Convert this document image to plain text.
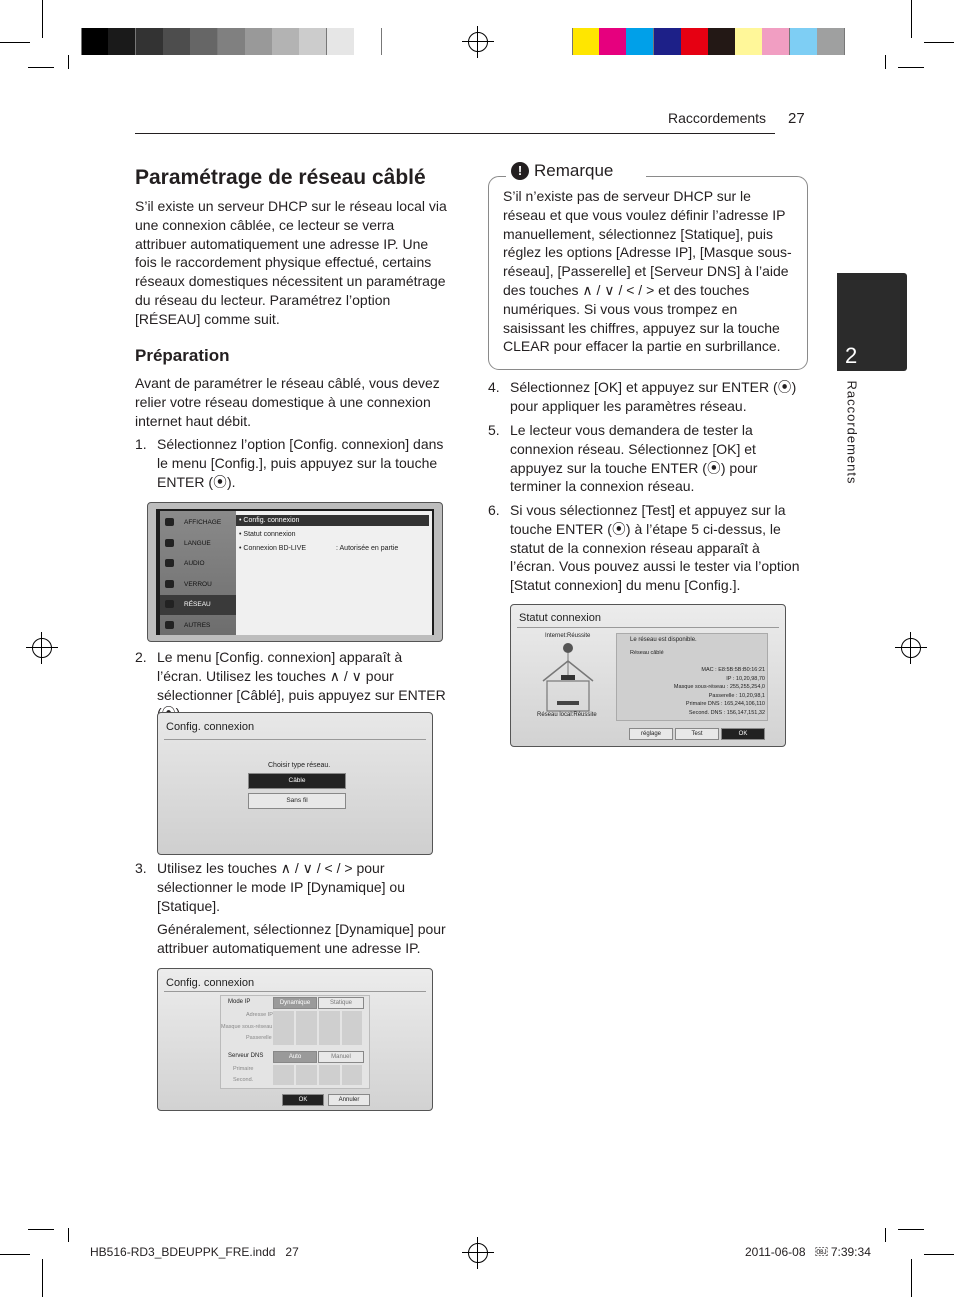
Raccordements 27
2
Raccordements
Paramétrage de réseau câblé
S’il existe un serveur DHCP sur le réseau local via une connexion câblée, ce lecteur se verra attribuer automatiquement une adresse IP. Une fois le raccordement physique effectué, certains réseaux domestiques nécessitent un paramétrage du réseau du lecteur. Paramétrez l’option [RÉSEAU] comme suit.
Préparation
Avant de paramétrer le réseau câblé, vous devez relier votre réseau domestique à une connexion internet haut débit.
1. Sélectionnez l’option [Config. connexion] dans le menu [Config.], puis appuyez sur la touche ENTER (⦿).
AFFICHAGE
LANGUE
AUDIO
VERROU
RÉSEAU
AUTRES
• Config. connexion
• Statut connexion
• Connexion BD-LIVE	: Autorisée en partie
2. Le menu [Config. connexion] apparaît à l’écran. Utilisez les touches ∧ / ∨ pour sélectionner [Câblé], puis appuyez sur ENTER
Config. connexion
Choisir type réseau.
Câble
Sans fil
3. Utilisez les touches ∧ / ∨ / < / > pour sélectionner le mode IP [Dynamique] ou [Statique].
Généralement, sélectionnez [Dynamique] pour attribuer automatiquement une adresse IP.
Config. connexion
Mode IP	Dynamique	Statique
Adresse IP
Masque sous-réseau
Passerelle
Serveur DNS	Auto	Manuel
Primaire
Second.
OK	Annuler
! Remarque
S’il n’existe pas de serveur DHCP sur le réseau et que vous voulez définir l’adresse IP manuellement, sélectionnez [Statique], puis réglez les options [Adresse IP], [Masque sous-réseau], [Passerelle] et [Serveur DNS] à l’aide des touches ∧ / ∨ / < / > et des touches numériques. Si vous vous trompez en saisissant les chiffres, appuyez sur la touche CLEAR pour effacer la partie en surbrillance.
4. Sélectionnez [OK] et appuyez sur ENTER (⦿) pour appliquer les paramètres réseau.
5. Le lecteur vous demandera de tester la connexion réseau. Sélectionnez [OK] et appuyez sur la touche ENTER (⦿) pour terminer la connexion réseau.
6. Si vous sélectionnez [Test] et appuyez sur la touche ENTER (⦿) à l’étape 5 ci-dessus, le statut de la connexion réseau apparaît à l’écran. Vous pouvez aussi le tester via l’option [Statut connexion] du menu [Config.].
Statut connexion
Internet:Réussite
Réseau local:Réussite
Le réseau est disponible.
Réseau câblé
MAC : E8:5B:5B:B0:16:21
IP : 10,20,98,70
Masque sous-réseau : 255,255,254,0
Passerelle : 10,20,98,1
Primaire DNS : 165,244,106,110
Second. DNS : 156,147,151,32
réglage	Test	OK
HB516-RD3_BDEUPPK_FRE.indd   27	2011-06-08   ￼ 7:39:34
